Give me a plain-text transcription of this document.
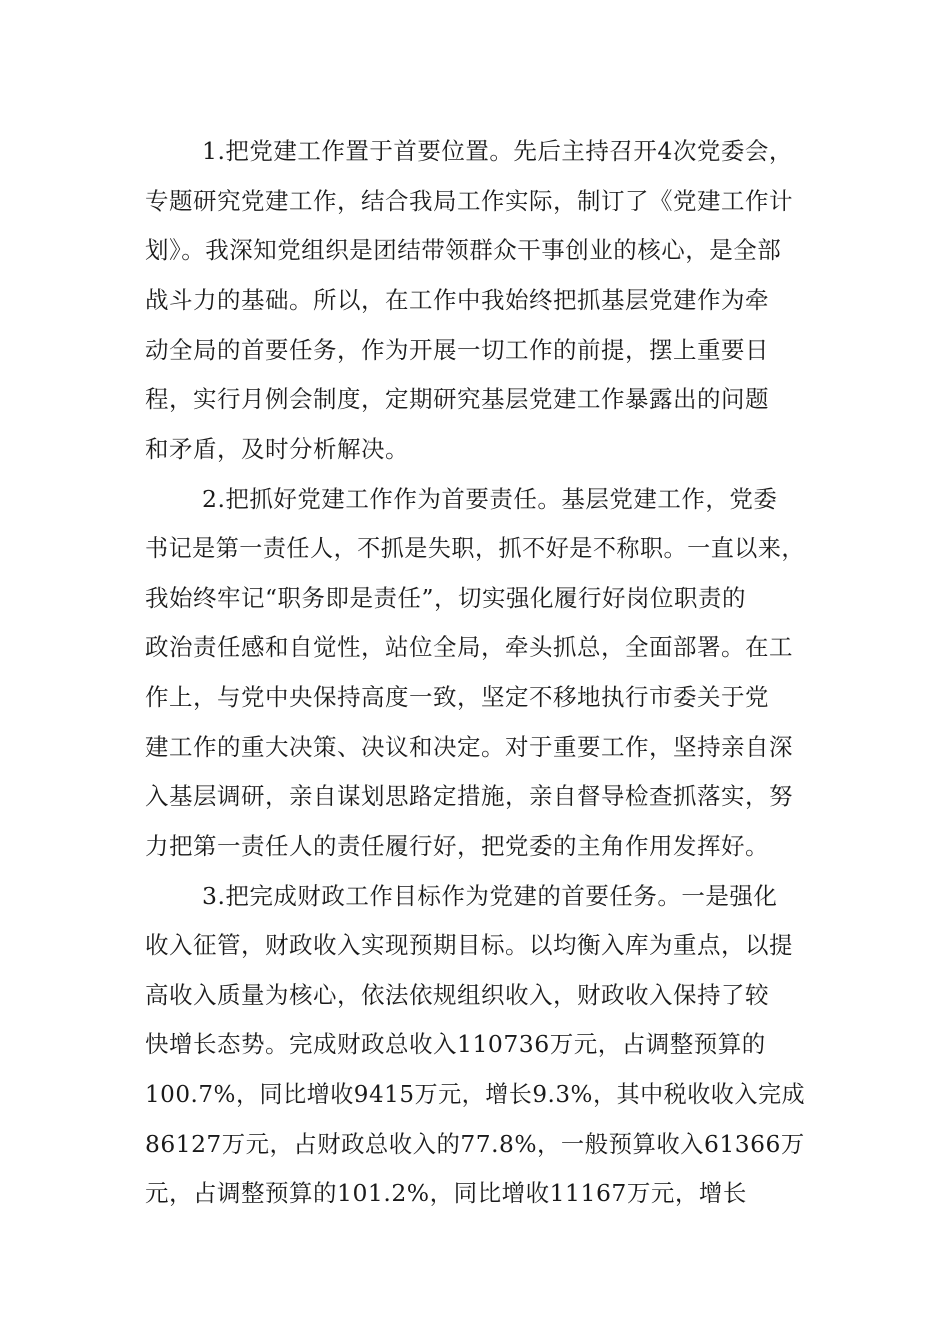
1.把党建工作置于首要位置。先后主持召开4次党委会，
专题研究党建工作，结合我局工作实际，制订了《党建工作计
划》。我深知党组织是团结带领群众干事创业的核心，是全部
战斗力的基础。所以，在工作中我始终把抓基层党建作为牵
动全局的首要任务，作为开展一切工作的前提，摆上重要日
程，实行月例会制度，定期研究基层党建工作暴露出的问题
和矛盾，及时分析解决。
2.把抓好党建工作作为首要责任。基层党建工作，党委
书记是第一责任人，不抓是失职，抓不好是不称职。一直以来，
我始终牢记“职务即是责任”，切实强化履行好岗位职责的
政治责任感和自觉性，站位全局，牵头抓总，全面部署。在工
作上，与党中央保持高度一致，坚定不移地执行市委关于党
建工作的重大决策、决议和决定。对于重要工作，坚持亲自深
入基层调研，亲自谋划思路定措施，亲自督导检查抓落实，努
力把第一责任人的责任履行好，把党委的主角作用发挥好。
3.把完成财政工作目标作为党建的首要任务。一是强化
收入征管，财政收入实现预期目标。以均衡入库为重点，以提
高收入质量为核心，依法依规组织收入，财政收入保持了较
快增长态势。完成财政总收入110736万元，占调整预算的
100.7%，同比增收9415万元，增长9.3%，其中税收收入完成
86127万元，占财政总收入的77.8%，一般预算收入61366万
元，占调整预算的101.2%，同比增收11167万元，增长
